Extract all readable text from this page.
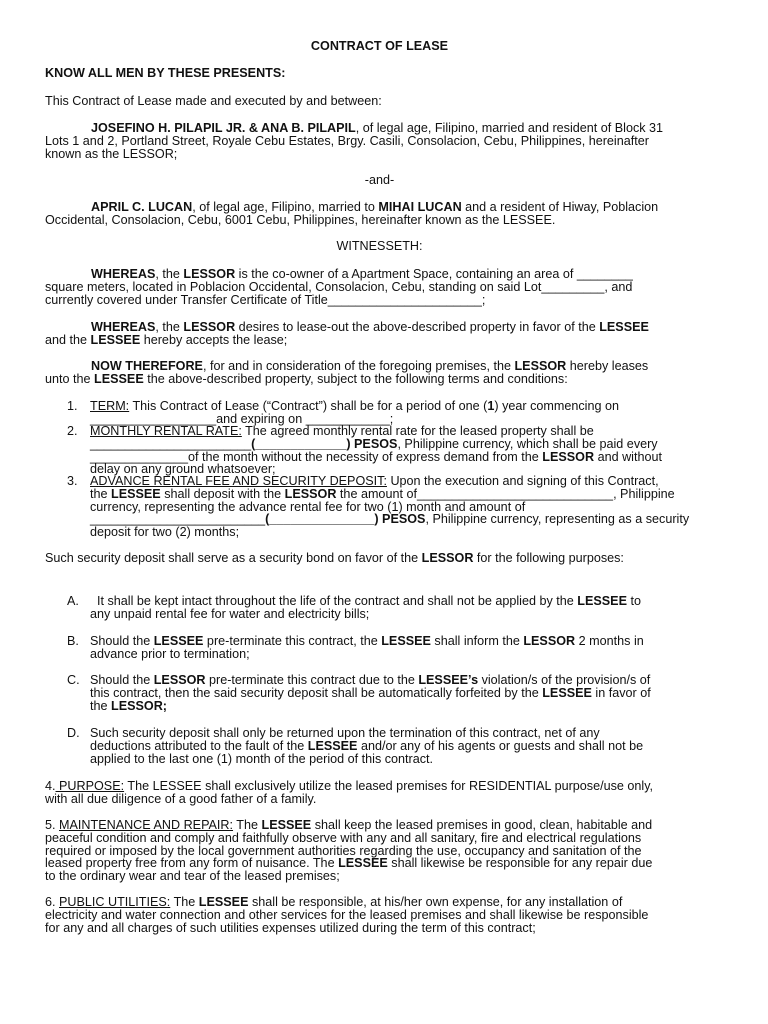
CONTRACT OF LEASE
KNOW ALL MEN BY THESE PRESENTS:
This Contract of Lease made and executed by and between:
JOSEFINO H. PILAPIL JR. & ANA B. PILAPIL, of legal age, Filipino, married and resident of Block 31
Lots 1 and 2, Portland Street, Royale Cebu Estates, Brgy. Casili, Consolacion, Cebu, Philippines, hereinafter
known as the LESSOR;
-and-
APRIL C. LUCAN, of legal age, Filipino, married to MIHAI LUCAN and a resident of Hiway, Poblacion
Occidental, Consolacion, Cebu, 6001 Cebu, Philippines, hereinafter known as the LESSEE.
WITNESSETH:
WHEREAS, the LESSOR is the co-owner of a Apartment Space, containing an area of ________
square meters, located in Poblacion Occidental, Consolacion, Cebu, standing on said Lot_________, and
currently covered under Transfer Certificate of Title______________________;
WHEREAS, the LESSOR desires to lease-out the above-described property in favor of the LESSEE
and the LESSEE hereby accepts the lease;
NOW THEREFORE, for and in consideration of the foregoing premises, the LESSOR hereby leases
unto the LESSEE the above-described property, subject to the following terms and conditions:
1. TERM: This Contract of Lease (“Contract”) shall be for a period of one (1) year commencing on
__________________and expiring on ____________;
2. MONTHLY RENTAL RATE: The agreed monthly rental rate for the leased property shall be
_______________________(_____________) PESOS, Philippine currency, which shall be paid every
______________of the month without the necessity of express demand from the LESSOR and without
delay on any ground whatsoever;
3. ADVANCE RENTAL FEE AND SECURITY DEPOSIT: Upon the execution and signing of this Contract,
the LESSEE shall deposit with the LESSOR the amount of____________________________, Philippine
currency, representing the advance rental fee for two (1) month and amount of
_________________________(_______________) PESOS, Philippine currency, representing as a security
deposit for two (2) months;
Such security deposit shall serve as a security bond on favor of the LESSOR for the following purposes:
A. It shall be kept intact throughout the life of the contract and shall not be applied by the LESSEE to
any unpaid rental fee for water and electricity bills;
B. Should the LESSEE pre-terminate this contract, the LESSEE shall inform the LESSOR 2 months in
advance prior to termination;
C. Should the LESSOR pre-terminate this contract due to the LESSEE’s violation/s of the provision/s of
this contract, then the said security deposit shall be automatically forfeited by the LESSEE in favor of
the LESSOR;
D. Such security deposit shall only be returned upon the termination of this contract, net of any
deductions attributed to the fault of the LESSEE and/or any of his agents or guests and shall not be
applied to the last one (1) month of the period of this contract.
4. PURPOSE: The LESSEE shall exclusively utilize the leased premises for RESIDENTIAL purpose/use only,
with all due diligence of a good father of a family.
5. MAINTENANCE AND REPAIR: The LESSEE shall keep the leased premises in good, clean, habitable and
peaceful condition and comply and faithfully observe with any and all sanitary, fire and electrical regulations
required or imposed by the local government authorities regarding the use, occupancy and sanitation of the
leased property free from any form of nuisance. The LESSEE shall likewise be responsible for any repair due
to the ordinary wear and tear of the leased premises;
6. PUBLIC UTILITIES: The LESSEE shall be responsible, at his/her own expense, for any installation of
electricity and water connection and other services for the leased premises and shall likewise be responsible
for any and all charges of such utilities expenses utilized during the term of this contract;
